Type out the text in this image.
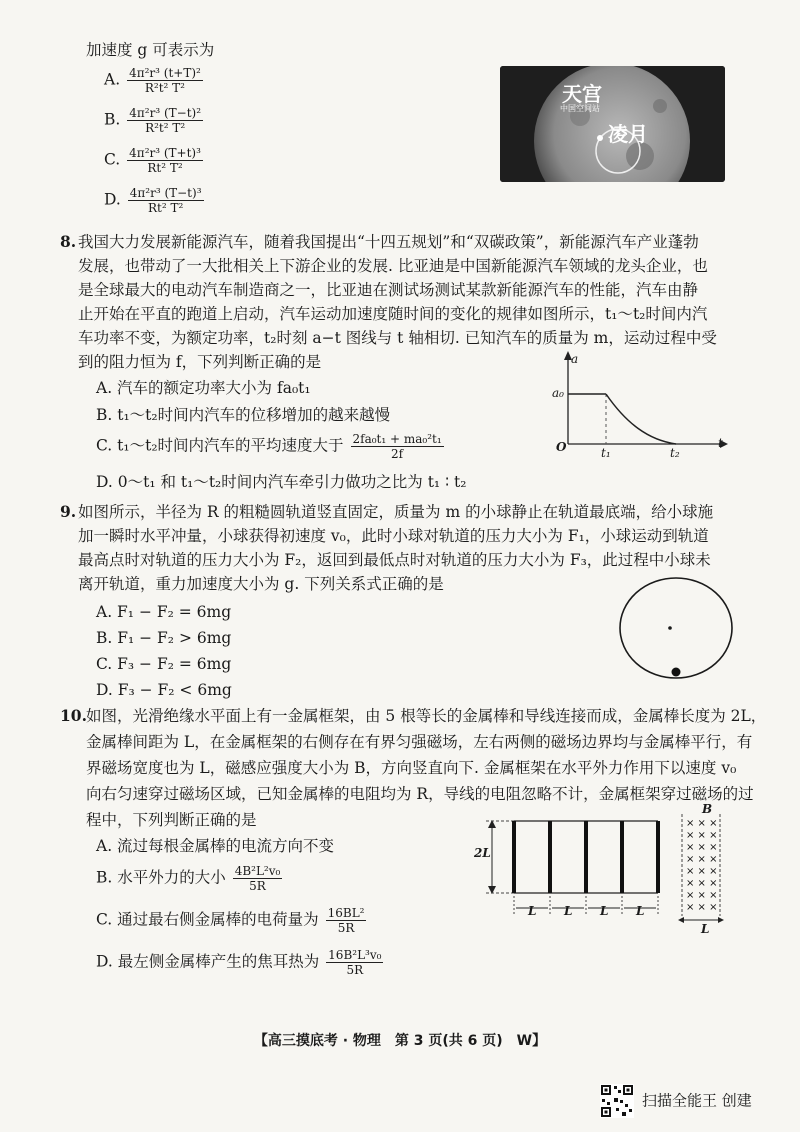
加速度 g 可表示为
A. $\frac{\text{4π²r³ (t+T)²}}{\text{R²t² T²}}$
B. $\frac{\text{4π²r³ (T−t)²}}{\text{R²t² T²}}$
C. $\frac{\text{4π²r³ (T+t)³}}{\text{Rt² T²}}$
D. $\frac{\text{4π²r³ (T−t)³}}{\text{Rt² T²}}$
天宫
中国空间站
凌月
8. 我国大力发展新能源汽车，随着我国提出“十四五规划”和“双碳政策”，新能源汽车产业蓬勃
发展，也带动了一大批相关上下游企业的发展. 比亚迪是中国新能源汽车领域的龙头企业，也
是全球最大的电动汽车制造商之一，比亚迪在测试场测试某款新能源汽车的性能，汽车由静
止开始在平直的跑道上启动，汽车运动加速度随时间的变化的规律如图所示，t₁～t₂时间内汽
车功率不变，为额定功率，t₂时刻 a−t 图线与 t 轴相切. 已知汽车的质量为 m，运动过程中受
到的阻力恒为 f，下列判断正确的是
A. 汽车的额定功率大小为 fa₀t₁
B. t₁～t₂时间内汽车的位移增加的越来越慢
C. t₁～t₂时间内汽车的平均速度大于 $\frac{\text{2fa₀t₁ + ma₀²t₁}}{2f}$
D. 0～t₁ 和 t₁～t₂时间内汽车牵引力做功之比为 t₁ ∶ t₂
a
t
O
a₀
t₁	t₂
9. 如图所示，半径为 R 的粗糙圆轨道竖直固定，质量为 m 的小球静止在轨道最底端，给小球施
加一瞬时水平冲量，小球获得初速度 v₀，此时小球对轨道的压力大小为 F₁，小球运动到轨道
最高点时对轨道的压力大小为 F₂，返回到最低点时对轨道的压力大小为 F₃，此过程中小球未
离开轨道，重力加速度大小为 g. 下列关系式正确的是
A. F₁ − F₂ = 6mg
B. F₁ − F₂ > 6mg
C. F₃ − F₂ = 6mg
D. F₃ − F₂ < 6mg
10. 如图，光滑绝缘水平面上有一金属框架，由 5 根等长的金属棒和导线连接而成，金属棒长度为 2L，
金属棒间距为 L，在金属框架的右侧存在有界匀强磁场，左右两侧的磁场边界均与金属棒平行，有
界磁场宽度也为 L，磁感应强度大小为 B，方向竖直向下. 金属框架在水平外力作用下以速度 v₀
向右匀速穿过磁场区域，已知金属棒的电阻均为 R，导线的电阻忽略不计，金属框架穿过磁场的过
程中，下列判断正确的是
A. 流过每根金属棒的电流方向不变
B. 水平外力的大小 $\frac{\text{4B²L²v₀}}{5R}$
C. 通过最右侧金属棒的电荷量为 $\frac{\text{16BL²}}{5R}$
D. 最左侧金属棒产生的焦耳热为 $\frac{\text{16B²L³v₀}}{5R}$
× × ×
× × ×
× × ×
× × ×
× × ×
× × ×
× × ×
× × ×
2L
L L L L
B
L
【高三摸底考 · 物理　第 3 页(共 6 页)　W】
扫描全能王 创建
